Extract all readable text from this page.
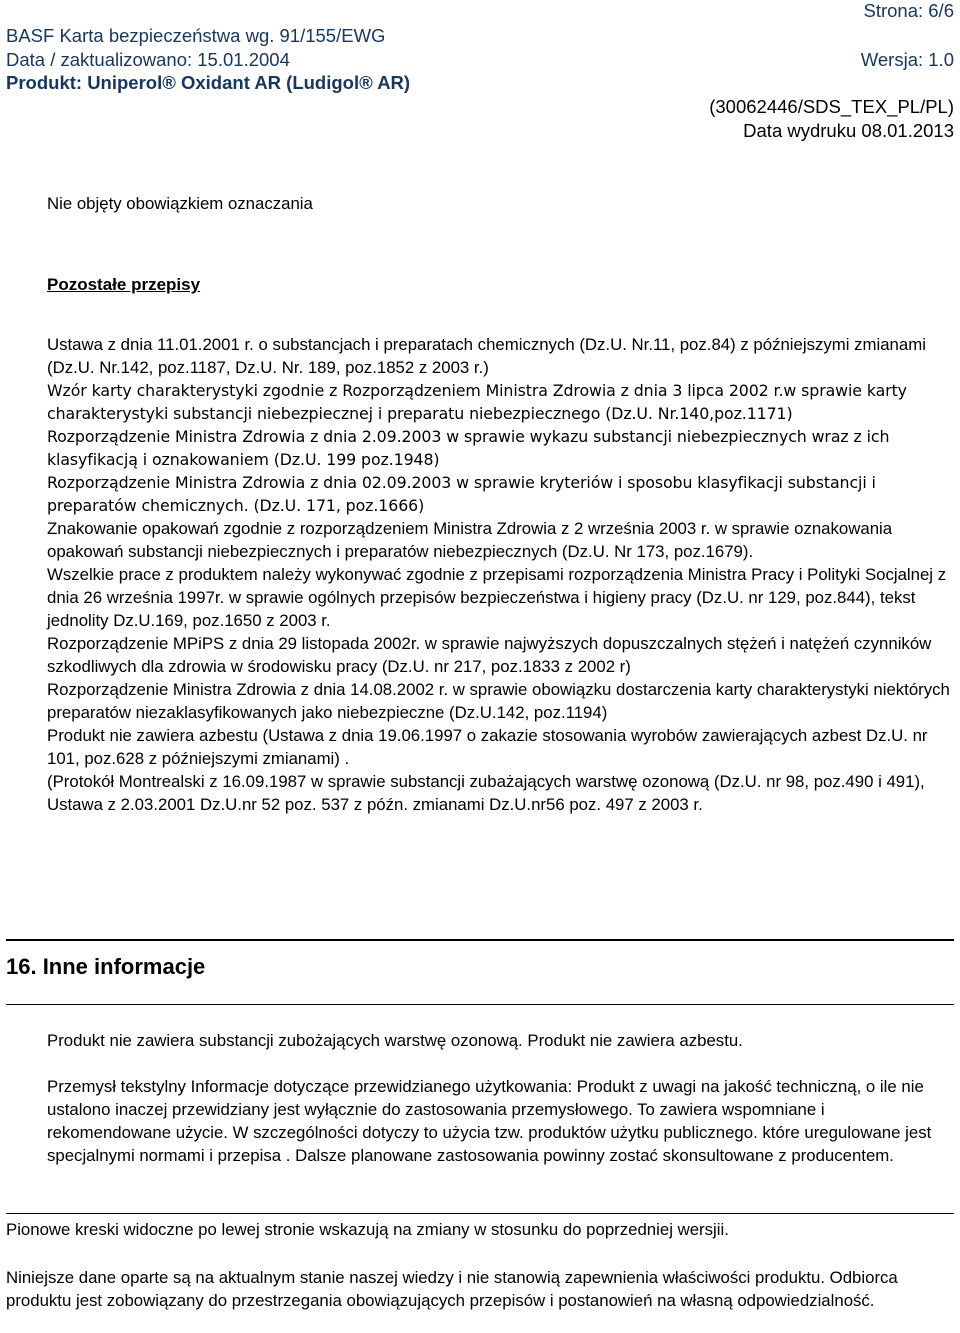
Strona: 6/6
BASF Karta bezpieczeństwa wg. 91/155/EWG
Data / zaktualizowano: 15.01.2004	Wersja: 1.0
Produkt: Uniperol® Oxidant AR (Ludigol® AR)
(30062446/SDS_TEX_PL/PL)
Data wydruku 08.01.2013

Nie objęty obowiązkiem oznaczania

Pozostałe przepisy
Ustawa z dnia 11.01.2001 r. o substancjach i preparatach chemicznych (Dz.U. Nr.11, poz.84) z późniejszymi zmianami (Dz.U. Nr.142, poz.1187, Dz.U. Nr. 189, poz.1852 z 2003 r.)
Wzór karty charakterystyki zgodnie z Rozporządzeniem Ministra Zdrowia z dnia 3 lipca 2002 r.w sprawie karty charakterystyki substancji niebezpiecznej i preparatu niebezpiecznego (Dz.U. Nr.140,poz.1171)
Rozporządzenie Ministra Zdrowia z dnia 2.09.2003 w sprawie wykazu substancji niebezpiecznych wraz z ich klasyfikacją i oznakowaniem (Dz.U. 199 poz.1948)
Rozporządzenie Ministra Zdrowia z dnia 02.09.2003 w sprawie kryteriów i sposobu klasyfikacji substancji i preparatów chemicznych. (Dz.U. 171, poz.1666)
Znakowanie opakowań zgodnie z rozporządzeniem Ministra Zdrowia z 2 września 2003 r. w sprawie oznakowania opakowań substancji niebezpiecznych i preparatów niebezpiecznych (Dz.U. Nr 173, poz.1679).
Wszelkie prace z produktem należy wykonywać zgodnie z przepisami rozporządzenia Ministra Pracy i Polityki Socjalnej z dnia 26 września 1997r. w sprawie ogólnych przepisów bezpieczeństwa i higieny pracy (Dz.U. nr 129, poz.844), tekst jednolity Dz.U.169, poz.1650 z 2003 r.
Rozporządzenie MPiPS z dnia 29 listopada 2002r. w sprawie najwyższych dopuszczalnych stężeń i natężeń czynników szkodliwych dla zdrowia w środowisku pracy (Dz.U. nr 217, poz.1833 z 2002 r)
Rozporządzenie Ministra Zdrowia z dnia 14.08.2002 r. w sprawie obowiązku dostarczenia karty charakterystyki niektórych preparatów niezaklasyfikowanych jako niebezpieczne (Dz.U.142, poz.1194)
Produkt nie zawiera azbestu (Ustawa z dnia 19.06.1997 o zakazie stosowania wyrobów zawierających azbest Dz.U. nr 101, poz.628 z późniejszymi zmianami) .
(Protokół Montrealski z 16.09.1987 w sprawie substancji zubażających warstwę ozonową (Dz.U. nr 98, poz.490 i 491), Ustawa z 2.03.2001 Dz.U.nr 52 poz. 537 z późn. zmianami Dz.U.nr56 poz. 497 z 2003 r.
16. Inne informacje

Produkt nie zawiera substancji zubożających warstwę ozonową. Produkt nie zawiera azbestu.

Przemysł tekstylny Informacje dotyczące przewidzianego użytkowania: Produkt z uwagi na jakość techniczną, o ile nie ustalono inaczej przewidziany jest wyłącznie do zastosowania przemysłowego. To zawiera wspomniane i rekomendowane użycie. W szczególności dotyczy to użycia tzw. produktów użytku publicznego. które uregulowane jest specjalnymi normami i przepisa . Dalsze planowane zastosowania powinny zostać skonsultowane z producentem.

Pionowe kreski widoczne po lewej stronie wskazują na zmiany w stosunku do poprzedniej wersjii.

Niniejsze dane oparte są na aktualnym stanie naszej wiedzy i nie stanowią zapewnienia właściwości produktu. Odbiorca produktu jest zobowiązany do przestrzegania obowiązujących przepisów i postanowień na własną odpowiedzialność.
